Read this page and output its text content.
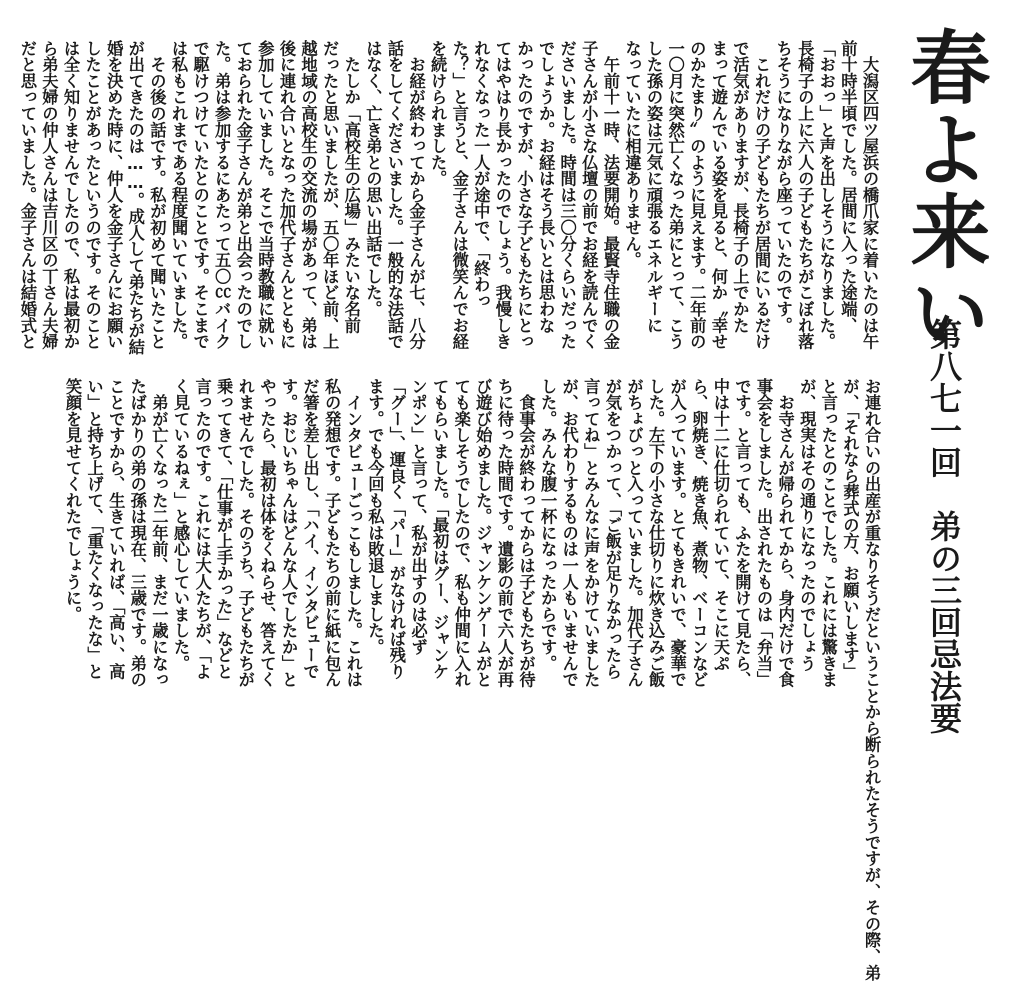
春よ来い
第八七一回　弟の三回忌法要
　大潟区四ツ屋浜の橋爪家に着いたのは午
前十時半頃でした。居間に入った途端、
「おおっ」と声を出しそうになりました。
長椅子の上に六人の子どもたちがこぼれ落
ちそうになりながら座っていたのです。
　これだけの子どもたちが居間にいるだけ
で活気がありますが、長椅子の上でかた
まって遊んでいる姿を見ると、何か〝幸せ
のかたまり〟のように見えます。二年前の
一〇月に突然亡くなった弟にとって、こう
した孫の姿は元気に頑張るエネルギーに
なっていたに相違ありません。
　午前十一時、法要開始。最賢寺住職の金
子さんが小さな仏壇の前でお経を読んでく
ださいました。時間は三〇分くらいだった
でしょうか。お経はそう長いとは思わな
かったのですが、小さな子どもたちにとっ
てはやはり長かったのでしょう。我慢しき
れなくなった一人が途中で、「終わっ
た？」と言うと、金子さんは微笑んでお経
を続けられました。
　お経が終わってから金子さんが七、八分
話をしてくださいました。一般的な法話で
はなく、亡き弟との思い出話でした。
　たしか「高校生の広場」みたいな名前
だったと思いましたが、五〇年ほど前、上
越地域の高校生の交流の場があって、弟は
後に連れ合いとなった加代子さんとともに
参加していました。そこで当時教職に就い
ておられた金子さんが弟と出会ったのでし
た。弟は参加するにあたって五〇㏄バイク
で駆けつけていたとのことです。そこまで
は私もこれまである程度聞いていました。
　その後の話です。私が初めて聞いたこと
が出てきたのは……。成人して弟たちが結
婚を決めた時に、仲人を金子さんにお願い
したことがあったというのです。そのこと
は全く知りませんでしたので、私は最初か
ら弟夫婦の仲人さんは吉川区の丅さん夫婦
だと思っていました。金子さんは結婚式と
お連れ合いの出産が重なりそうだということから断られたそうですが、その際、弟
が、「それなら葬式の方、お願いします」
と言ったとのことでした。これには驚きま
が、現実はその通りになったのでしょう
　お寺さんが帰られてから、身内だけで食
事会をしました。出されたものは「弁当」
です。と言っても、ふたを開けて見たら、
中は十二に仕切られていて、そこに天ぷ
ら、卵焼き、焼き魚、煮物、ベーコンなど
が入っています。とてもきれいで、豪華で
した。左下の小さな仕切りに炊き込みご飯
がちょびっと入っていました。加代子さん
が気をつかって、「ご飯が足りなかったら
言ってね」とみんなに声をかけていました
が、お代わりするものは一人もいませんで
した。みんな腹一杯になったからです。
　食事会が終わってからは子どもたちが待
ちに待った時間です。遺影の前で六人が再
び遊び始めました。ジャンケンゲームがと
ても楽しそうでしたので、私も仲間に入れ
てもらいました。「最初はグー、ジャンケ
ンポン」と言って、私が出すのは必ず
「グー」、運良く「パー」がなければ残り
ます。でも今回も私は敗退しました。
　インタビューごっこもしました。これは
私の発想です。子どもたちの前に紙に包ん
だ箸を差し出し、「ハイ、インタビューで
す。おじいちゃんはどんな人でしたか」と
やったら、最初は体をくねらせ、答えてく
れませんでした。そのうち、子どもたちが
乗ってきて、「仕事が上手かった」などと
言ったのです。これには大人たちが、「よ
く見ているねぇ」と感心していました。
　弟が亡くなった二年前、まだ一歳になっ
たばかりの弟の孫は現在、三歳です。弟の
ことですから、生きていれば、「高い、高
い」と持ち上げて、「重たくなったな」と
笑顔を見せてくれたでしょうに。
